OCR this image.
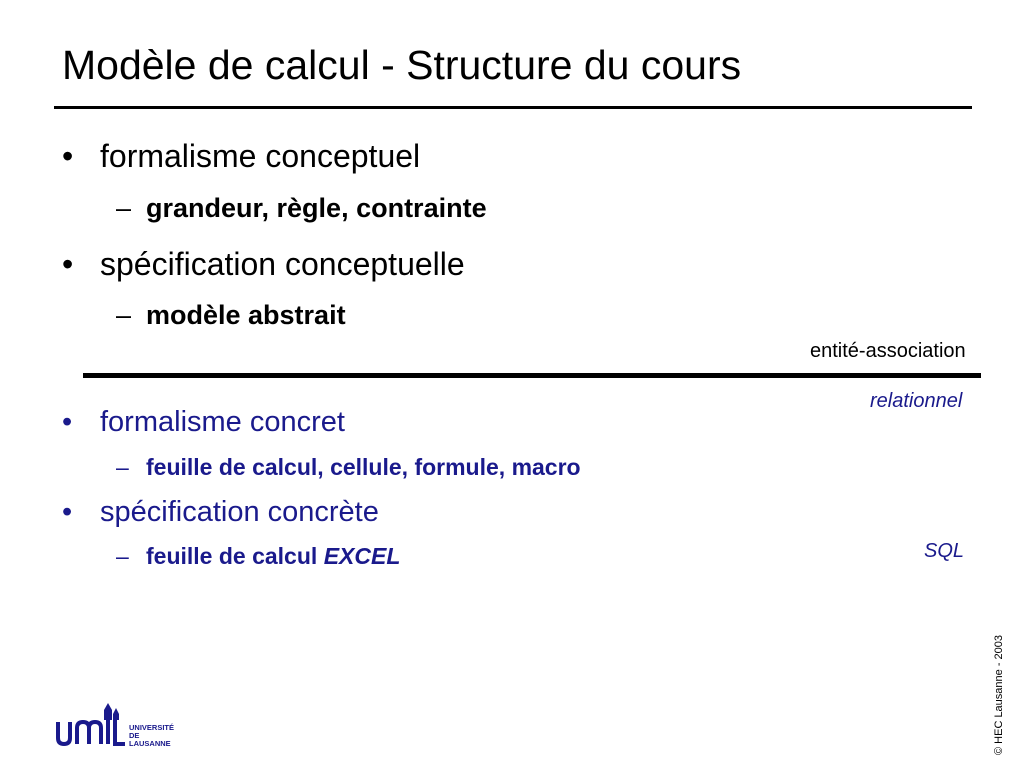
Modèle de calcul - Structure du cours
• formalisme conceptuel
– grandeur, règle, contrainte
• spécification conceptuelle
– modèle abstrait
entité-association
relationnel
• formalisme concret
– feuille de calcul, cellule, formule, macro
• spécification concrète
– feuille de calcul EXCEL	SQL
UNIVERSITÉ
DE
LAUSANNE	© HEC Lausanne - 2003
